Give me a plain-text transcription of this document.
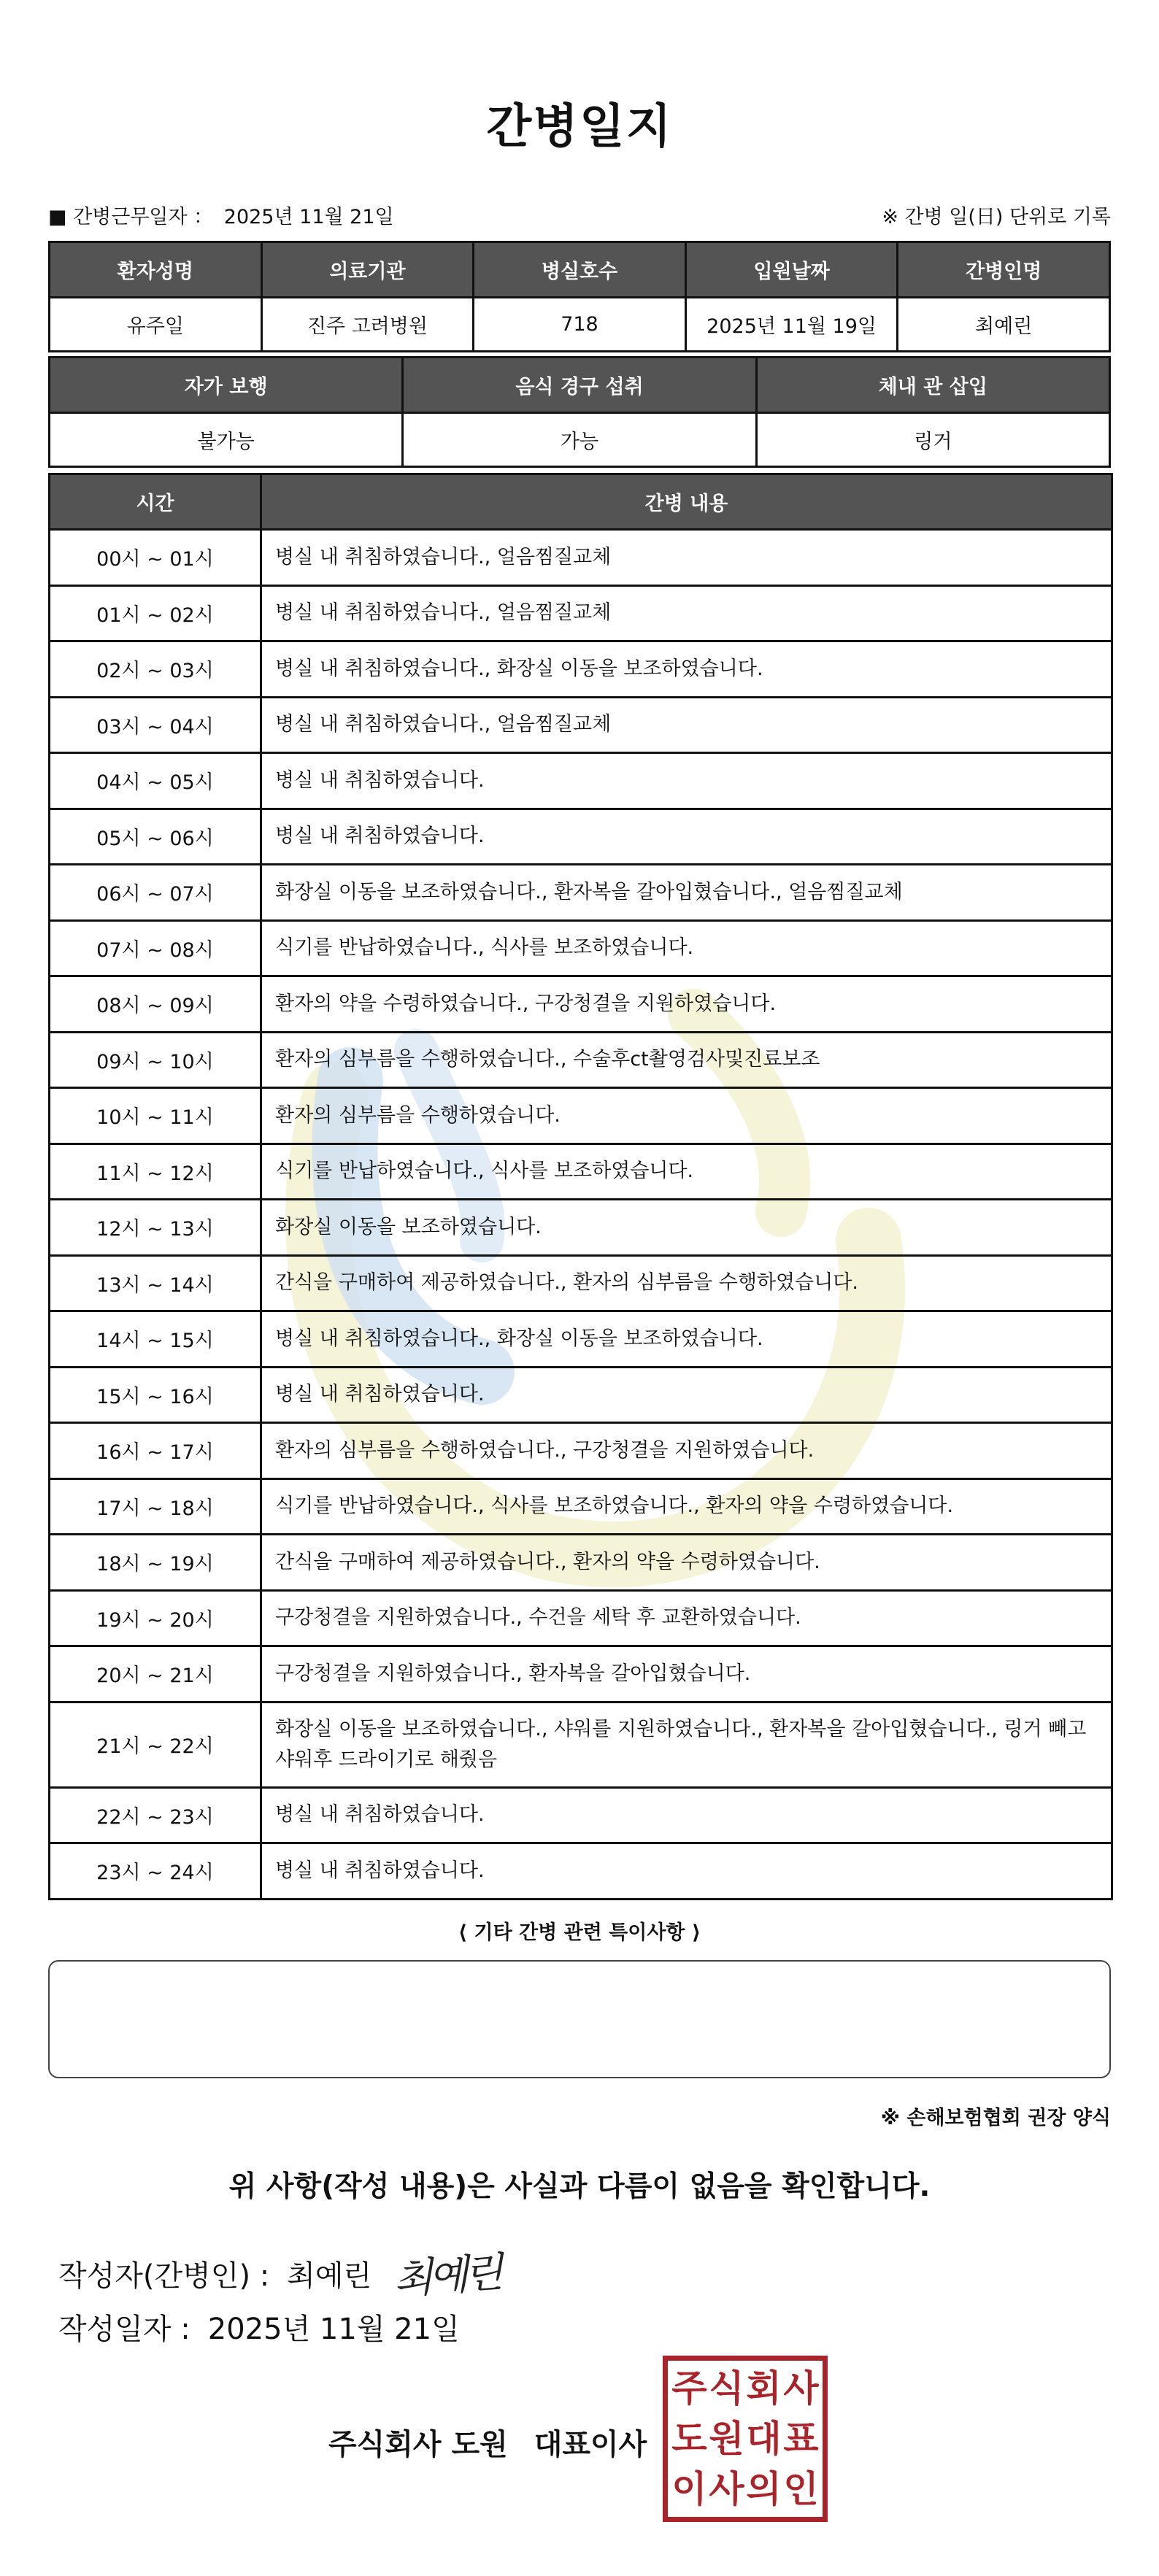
간병일지
■ 간병근무일자 ： 2025년 11월 21일	※ 간병 일(日) 단위로 기록
환자성명	의료기관	병실호수	입원날짜	간병인명
유주일	진주 고려병원	718	2025년 11월 19일	최예린
자가 보행	음식 경구 섭취	체내 관 삽입
불가능	가능	링거
시간	간병 내용
00시 ~ 01시	병실 내 취침하였습니다., 얼음찜질교체
01시 ~ 02시	병실 내 취침하였습니다., 얼음찜질교체
02시 ~ 03시	병실 내 취침하였습니다., 화장실 이동을 보조하였습니다.
03시 ~ 04시	병실 내 취침하였습니다., 얼음찜질교체
04시 ~ 05시	병실 내 취침하였습니다.
05시 ~ 06시	병실 내 취침하였습니다.
06시 ~ 07시	화장실 이동을 보조하였습니다., 환자복을 갈아입혔습니다., 얼음찜질교체
07시 ~ 08시	식기를 반납하였습니다., 식사를 보조하였습니다.
08시 ~ 09시	환자의 약을 수령하였습니다., 구강청결을 지원하였습니다.
09시 ~ 10시	환자의 심부름을 수행하였습니다., 수술후ct촬영검사및진료보조
10시 ~ 11시	환자의 심부름을 수행하였습니다.
11시 ~ 12시	식기를 반납하였습니다., 식사를 보조하였습니다.
12시 ~ 13시	화장실 이동을 보조하였습니다.
13시 ~ 14시	간식을 구매하여 제공하였습니다., 환자의 심부름을 수행하였습니다.
14시 ~ 15시	병실 내 취침하였습니다., 화장실 이동을 보조하였습니다.
15시 ~ 16시	병실 내 취침하였습니다.
16시 ~ 17시	환자의 심부름을 수행하였습니다., 구강청결을 지원하였습니다.
17시 ~ 18시	식기를 반납하였습니다., 식사를 보조하였습니다., 환자의 약을 수령하였습니다.
18시 ~ 19시	간식을 구매하여 제공하였습니다., 환자의 약을 수령하였습니다.
19시 ~ 20시	구강청결을 지원하였습니다., 수건을 세탁 후 교환하였습니다.
20시 ~ 21시	구강청결을 지원하였습니다., 환자복을 갈아입혔습니다.
21시 ~ 22시	화장실 이동을 보조하였습니다., 샤워를 지원하였습니다., 환자복을 갈아입혔습니다., 링거 빼고 샤워후 드라이기로 해줬음
22시 ~ 23시	병실 내 취침하였습니다.
23시 ~ 24시	병실 내 취침하였습니다.
⟨ 기타 간병 관련 특이사항 ⟩
※ 손해보험협회 권장 양식
위 사항(작성 내용)은 사실과 다름이 없음을 확인합니다.
작성자(간병인) : 최예린 최예린
작성일자 : 2025년 11월 21일
주식회사 도원 대표이사
주 식 회 사
도 원 대 표
이 사 의 인
